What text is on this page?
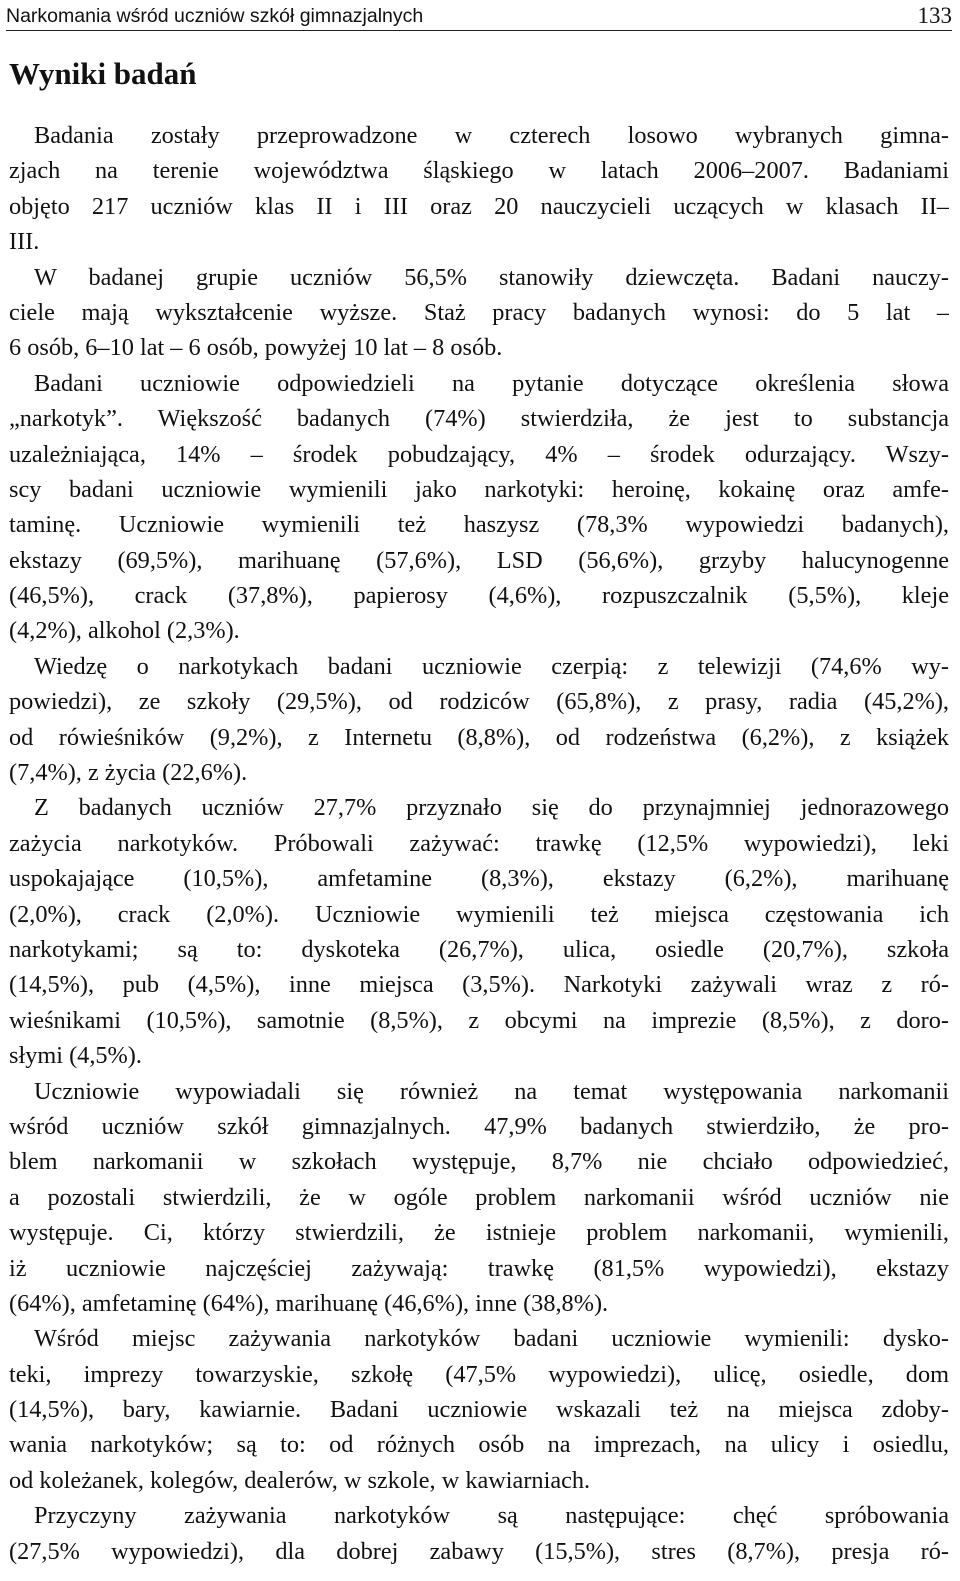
Narkomania wśród uczniów szkół gimnazjalnych	133
Wyniki badań
Badania zostały przeprowadzone w czterech losowo wybranych gimna-
zjach na terenie województwa śląskiego w latach 2006–2007. Badaniami
objęto 217 uczniów klas II i III oraz 20 nauczycieli uczących w klasach II–
III.
W badanej grupie uczniów 56,5% stanowiły dziewczęta. Badani nauczy-
ciele mają wykształcenie wyższe. Staż pracy badanych wynosi: do 5 lat –
6 osób, 6–10 lat – 6 osób, powyżej 10 lat – 8 osób.
Badani uczniowie odpowiedzieli na pytanie dotyczące określenia słowa
„narkotyk”. Większość badanych (74%) stwierdziła, że jest to substancja
uzależniająca, 14% – środek pobudzający, 4% – środek odurzający. Wszy-
scy badani uczniowie wymienili jako narkotyki: heroinę, kokainę oraz amfe-
taminę. Uczniowie wymienili też haszysz (78,3% wypowiedzi badanych),
ekstazy (69,5%), marihuanę (57,6%), LSD (56,6%), grzyby halucynogenne
(46,5%), crack (37,8%), papierosy (4,6%), rozpuszczalnik (5,5%), kleje
(4,2%), alkohol (2,3%).
Wiedzę o narkotykach badani uczniowie czerpią: z telewizji (74,6% wy-
powiedzi), ze szkoły (29,5%), od rodziców (65,8%), z prasy, radia (45,2%),
od rówieśników (9,2%), z Internetu (8,8%), od rodzeństwa (6,2%), z książek
(7,4%), z życia (22,6%).
Z badanych uczniów 27,7% przyznało się do przynajmniej jednorazowego
zażycia narkotyków. Próbowali zażywać: trawkę (12,5% wypowiedzi), leki
uspokajające (10,5%), amfetamine (8,3%), ekstazy (6,2%), marihuanę
(2,0%), crack (2,0%). Uczniowie wymienili też miejsca częstowania ich
narkotykami; są to: dyskoteka (26,7%), ulica, osiedle (20,7%), szkoła
(14,5%), pub (4,5%), inne miejsca (3,5%). Narkotyki zażywali wraz z ró-
wieśnikami (10,5%), samotnie (8,5%), z obcymi na imprezie (8,5%), z doro-
słymi (4,5%).
Uczniowie wypowiadali się również na temat występowania narkomanii
wśród uczniów szkół gimnazjalnych. 47,9% badanych stwierdziło, że pro-
blem narkomanii w szkołach występuje, 8,7% nie chciało odpowiedzieć,
a pozostali stwierdzili, że w ogóle problem narkomanii wśród uczniów nie
występuje. Ci, którzy stwierdzili, że istnieje problem narkomanii, wymienili,
iż uczniowie najczęściej zażywają: trawkę (81,5% wypowiedzi), ekstazy
(64%), amfetaminę (64%), marihuanę (46,6%), inne (38,8%).
Wśród miejsc zażywania narkotyków badani uczniowie wymienili: dysko-
teki, imprezy towarzyskie, szkołę (47,5% wypowiedzi), ulicę, osiedle, dom
(14,5%), bary, kawiarnie. Badani uczniowie wskazali też na miejsca zdoby-
wania narkotyków; są to: od różnych osób na imprezach, na ulicy i osiedlu,
od koleżanek, kolegów, dealerów, w szkole, w kawiarniach.
Przyczyny zażywania narkotyków są następujące: chęć spróbowania
(27,5% wypowiedzi), dla dobrej zabawy (15,5%), stres (8,7%), presja ró-
